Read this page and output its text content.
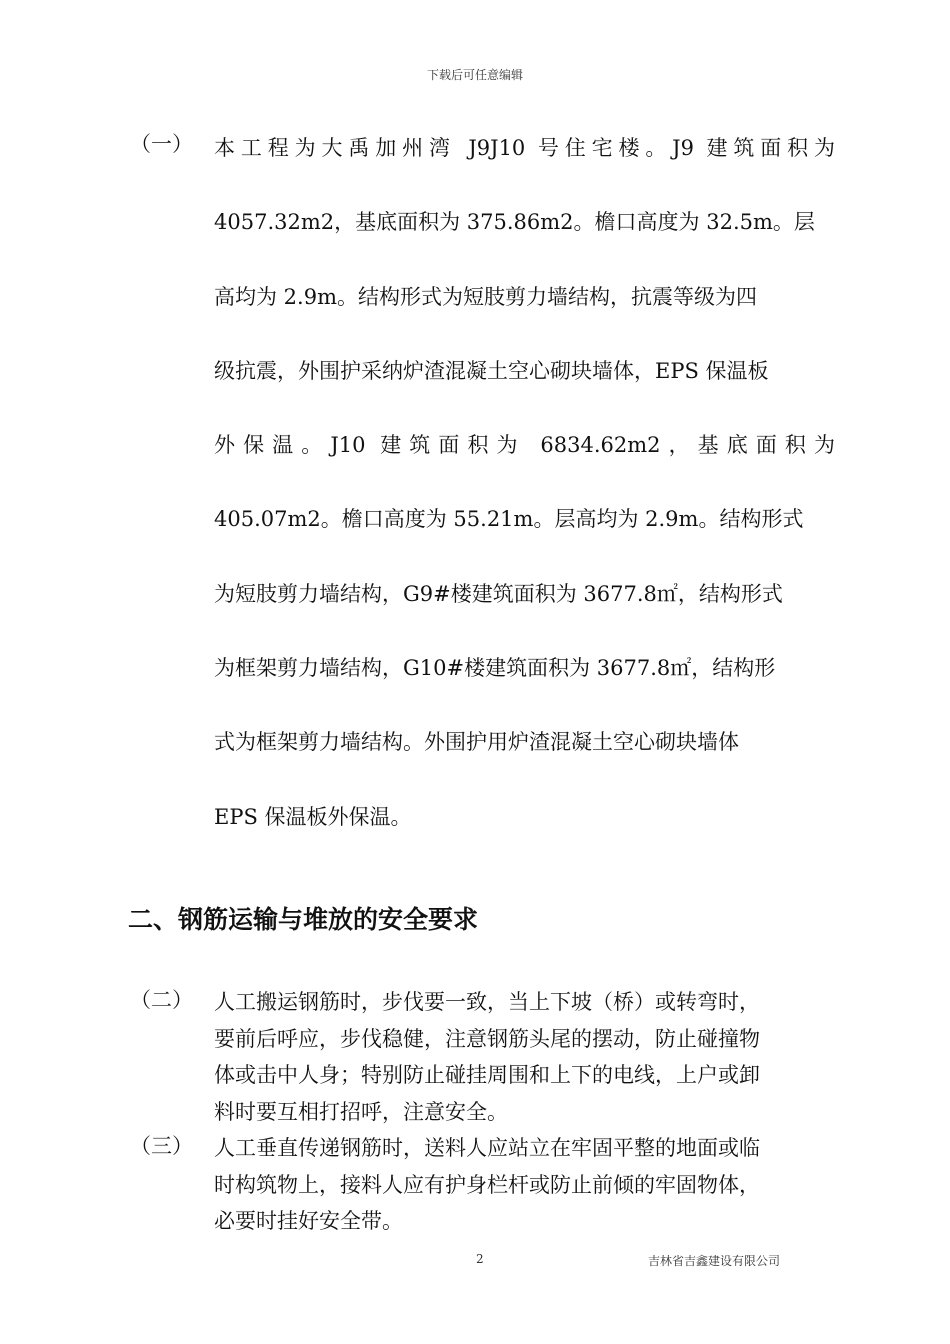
下载后可任意编辑
（一）	本工程为大禹加州湾 J9J10 号住宅楼。J9 建筑面积为
4057.32m2，基底面积为 375.86m2。檐口高度为 32.5m。层
高均为 2.9m。结构形式为短肢剪力墙结构，抗震等级为四
级抗震，外围护采纳炉渣混凝土空心砌块墙体，EPS 保温板
外保温。J10 建筑面积为 6834.62m2，基底面积为
405.07m2。檐口高度为 55.21m。层高均为 2.9m。结构形式
为短肢剪力墙结构，G9#楼建筑面积为 3677.8㎡，结构形式
为框架剪力墙结构，G10#楼建筑面积为 3677.8㎡，结构形
式为框架剪力墙结构。外围护用炉渣混凝土空心砌块墙体
EPS 保温板外保温。
二、钢筋运输与堆放的安全要求
（二）	人工搬运钢筋时，步伐要一致，当上下坡（桥）或转弯时，
要前后呼应，步伐稳健，注意钢筋头尾的摆动，防止碰撞物
体或击中人身；特别防止碰挂周围和上下的电线，上户或卸
料时要互相打招呼，注意安全。
（三）	人工垂直传递钢筋时，送料人应站立在牢固平整的地面或临
时构筑物上，接料人应有护身栏杆或防止前倾的牢固物体，
必要时挂好安全带。
2	吉林省吉鑫建设有限公司
